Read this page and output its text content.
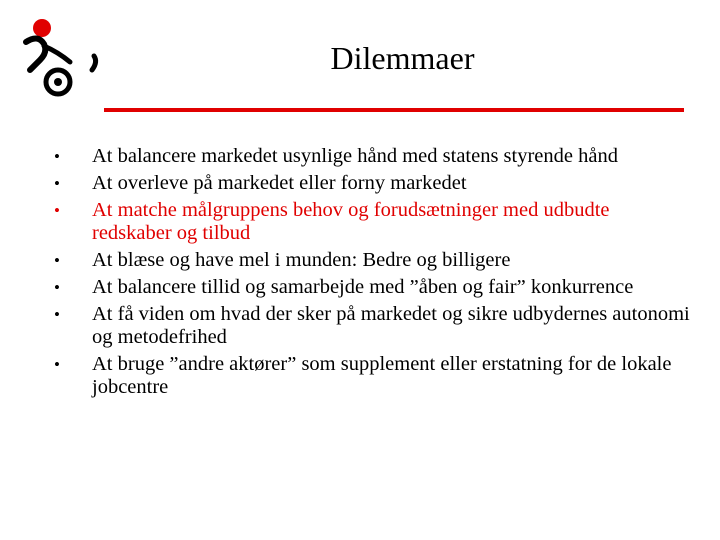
Dilemmaer
•	At balancere markedet usynlige hånd med statens styrende hånd
•	At overleve på markedet eller forny markedet
•	At matche målgruppens behov og forudsætninger med udbudte redskaber og tilbud
•	At blæse og have mel i munden: Bedre og billigere
•	At balancere tillid og samarbejde med ”åben og fair” konkurrence
•	At få viden om hvad der sker på markedet og sikre udbydernes autonomi og metodefrihed
•	At bruge ”andre aktører” som supplement eller erstatning for de lokale jobcentre
